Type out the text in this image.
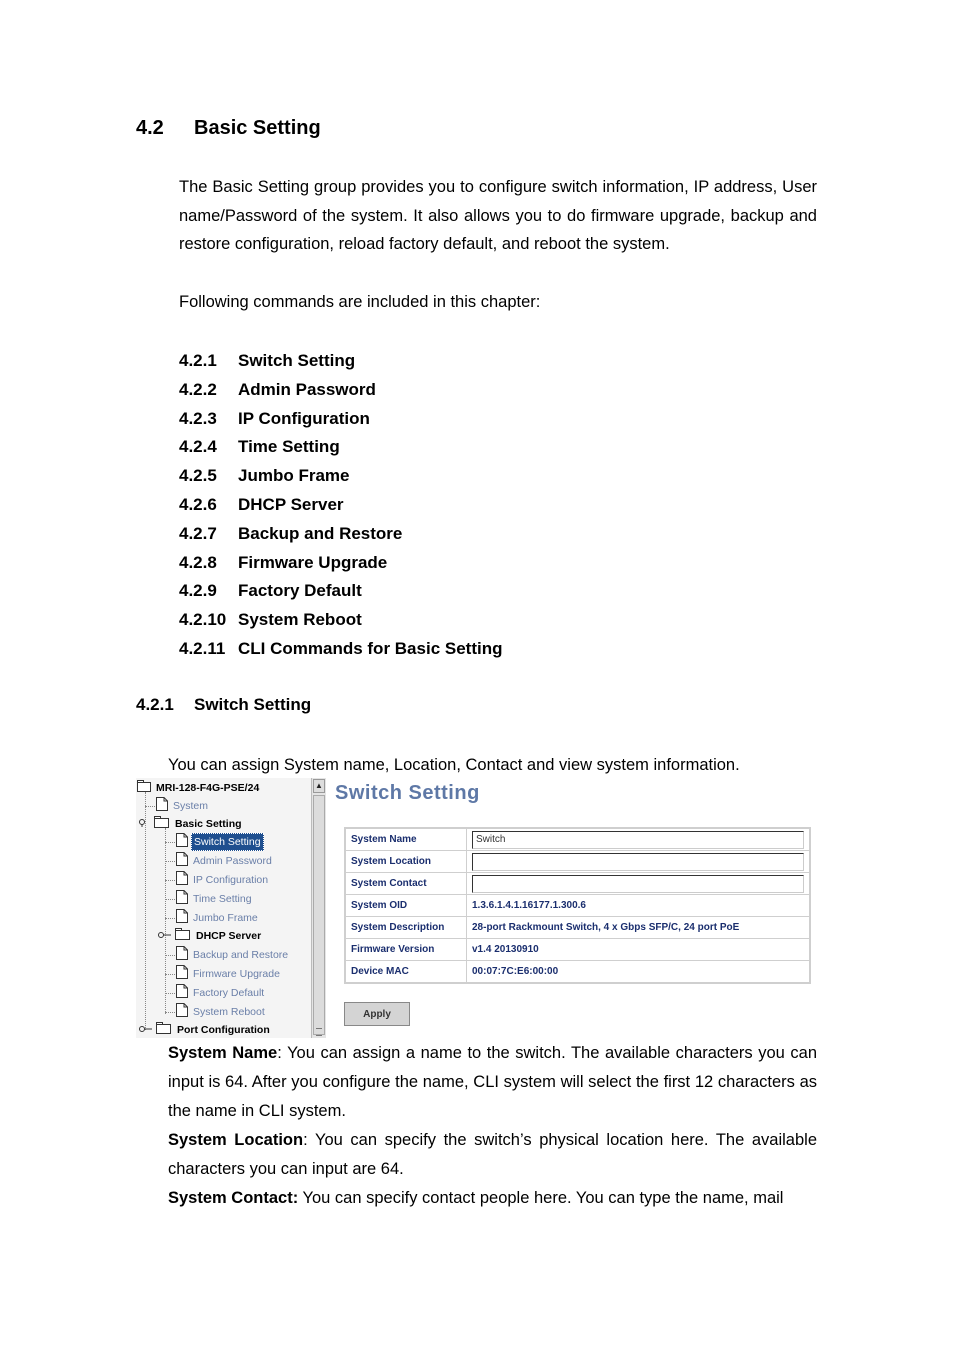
4.2 Basic Setting
The Basic Setting group provides you to configure switch information, IP address, User name/Password of the system. It also allows you to do firmware upgrade, backup and restore configuration, reload factory default, and reboot the system.
Following commands are included in this chapter:
4.2.1 Switch Setting
4.2.2 Admin Password
4.2.3 IP Configuration
4.2.4 Time Setting
4.2.5 Jumbo Frame
4.2.6 DHCP Server
4.2.7 Backup and Restore
4.2.8 Firmware Upgrade
4.2.9 Factory Default
4.2.10 System Reboot
4.2.11 CLI Commands for Basic Setting
4.2.1 Switch Setting
You can assign System name, Location, Contact and view system information.
MRI-128-F4G-PSE/24
System
Basic Setting
Switch Setting
Admin Password
IP Configuration
Time Setting
Jumbo Frame
DHCP Server
Backup and Restore
Firmware Upgrade
Factory Default
System Reboot
Port Configuration
▲ Switch Setting
System Name	Switch

System Location	

System Contact	

System OID	1.3.6.1.4.1.16177.1.300.6
System Description	28-port Rackmount Switch, 4 x Gbps SFP/C, 24 port PoE
Firmware Version	v1.4 20130910
Device MAC	00:07:7C:E6:00:00
Apply
System Name: You can assign a name to the switch. The available characters you can input is 64. After you configure the name, CLI system will select the first 12 characters as the name in CLI system.
System Location: You can specify the switch’s physical location here. The available characters you can input are 64.
System Contact: You can specify contact people here. You can type the name, mail
